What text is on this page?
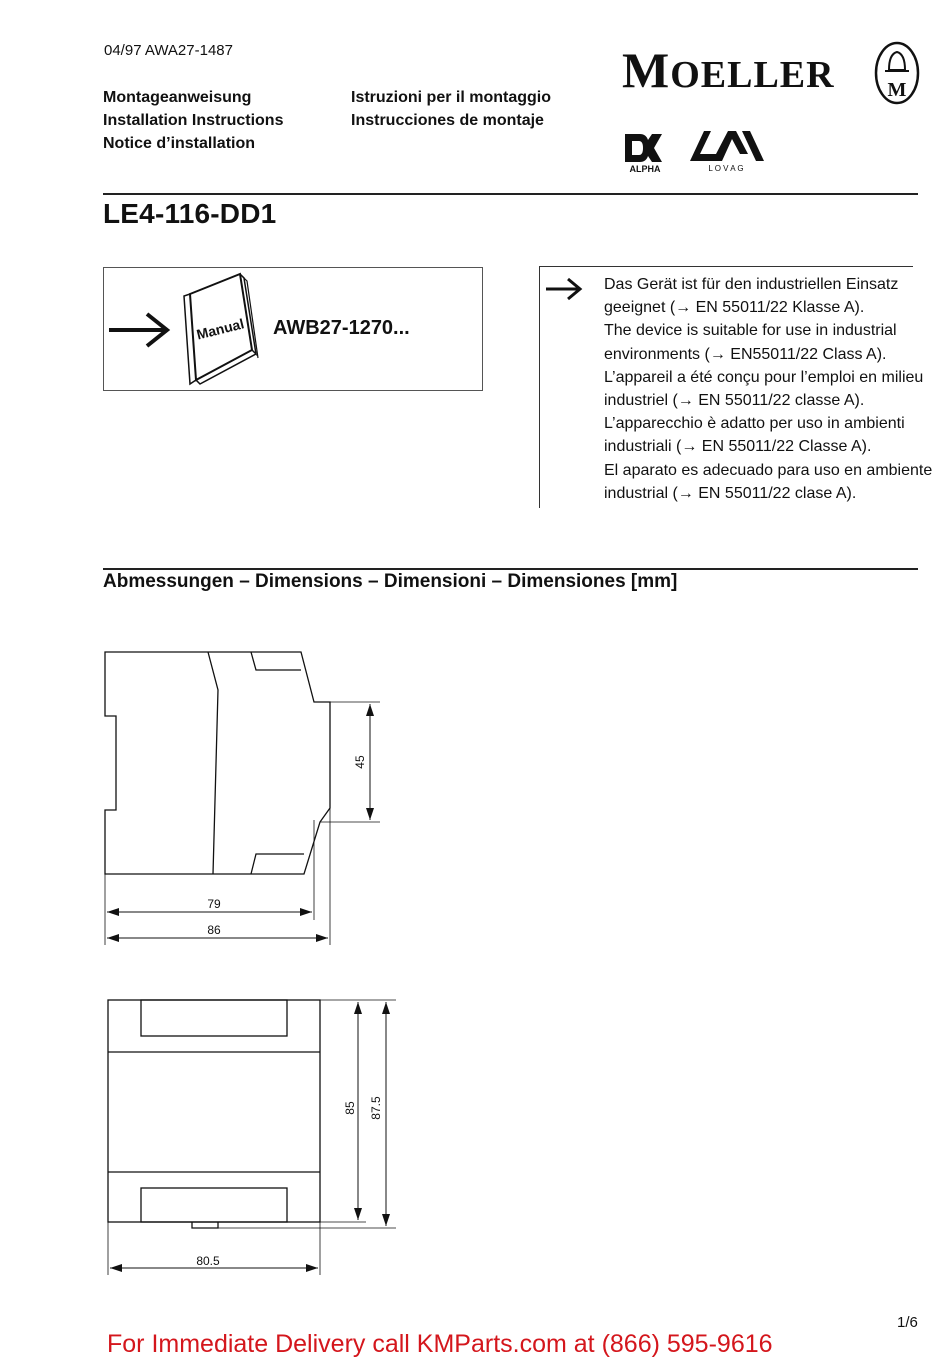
04/97 AWA27-1487
Montageanweisung
Installation Instructions
Notice d’installation
Istruzioni per il montaggio
Instrucciones de montaje
MOELLER	M
ALPHA	L O V A G
LE4-116-DD1
Manual AWB27-1270...
Das Gerät ist für den industriellen Einsatz
geeignet (→ EN 55011/22 Klasse A).
The device is suitable for use in industrial
environments (→ EN55011/22 Class A).
L’appareil a été conçu pour l’emploi en milieu
industriel (→ EN 55011/22 classe A).
L’apparecchio è adatto per uso in ambienti
industriali (→ EN 55011/22 Classe A).
El aparato es adecuado para uso en ambiente
industrial (→ EN 55011/22 clase A).
Abmessungen – Dimensions – Dimensioni – Dimensiones [mm]
45
79
86
85 87.5
80.5
1/6
For Immediate Delivery call KMParts.com at (866) 595-9616
